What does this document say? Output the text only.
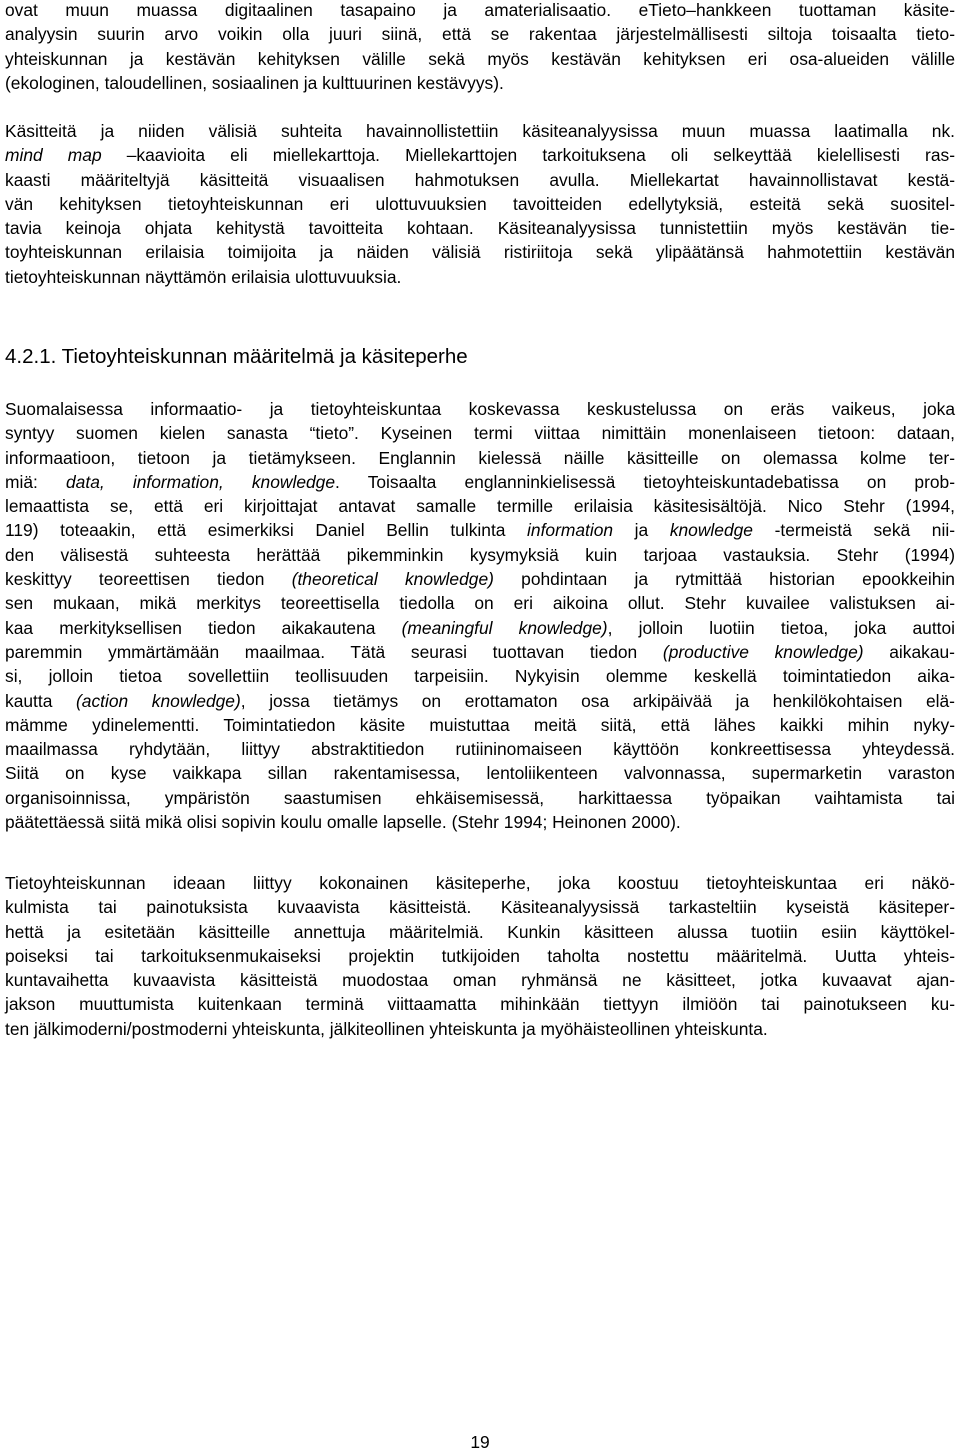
ovat muun muassa digitaalinen tasapaino ja amaterialisaatio. eTieto–hankkeen tuottaman käsite-
analyysin suurin arvo voikin olla juuri siinä, että se rakentaa järjestelmällisesti siltoja toisaalta tieto-
yhteiskunnan ja kestävän kehityksen välille sekä myös kestävän kehityksen eri osa-alueiden välille
(ekologinen, taloudellinen, sosiaalinen ja kulttuurinen kestävyys).
Käsitteitä ja niiden välisiä suhteita havainnollistettiin käsiteanalyysissa muun muassa laatimalla nk.
mind map –kaavioita eli miellekarttoja. Miellekarttojen tarkoituksena oli selkeyttää kielellisesti ras-
kaasti määriteltyjä käsitteitä visuaalisen hahmotuksen avulla. Miellekartat havainnollistavat kestä-
vän kehityksen tietoyhteiskunnan eri ulottuvuuksien tavoitteiden edellytyksiä, esteitä sekä suositel-
tavia keinoja ohjata kehitystä tavoitteita kohtaan. Käsiteanalyysissa tunnistettiin myös kestävän tie-
toyhteiskunnan erilaisia toimijoita ja näiden välisiä ristiriitoja sekä ylipäätänsä hahmotettiin kestävän
tietoyhteiskunnan näyttämön erilaisia ulottuvuuksia.
4.2.1. Tietoyhteiskunnan määritelmä ja käsiteperhe
Suomalaisessa informaatio- ja tietoyhteiskuntaa koskevassa keskustelussa on eräs vaikeus, joka
syntyy suomen kielen sanasta “tieto”. Kyseinen termi viittaa nimittäin monenlaiseen tietoon: dataan,
informaatioon, tietoon ja tietämykseen. Englannin kielessä näille käsitteille on olemassa kolme ter-
miä: data, information, knowledge. Toisaalta englanninkielisessä tietoyhteiskuntadebatissa on prob-
lemaattista se, että eri kirjoittajat antavat samalle termille erilaisia käsitesisältöjä. Nico Stehr (1994,
119) toteaakin, että esimerkiksi Daniel Bellin tulkinta information ja knowledge -termeistä sekä nii-
den välisestä suhteesta herättää pikemminkin kysymyksiä kuin tarjoaa vastauksia. Stehr (1994)
keskittyy teoreettisen tiedon (theoretical knowledge) pohdintaan ja rytmittää historian epookkeihin
sen mukaan, mikä merkitys teoreettisella tiedolla on eri aikoina ollut. Stehr kuvailee valistuksen ai-
kaa merkityksellisen tiedon aikakautena (meaningful knowledge), jolloin luotiin tietoa, joka auttoi
paremmin ymmärtämään maailmaa. Tätä seurasi tuottavan tiedon (productive knowledge) aikakau-
si, jolloin tietoa sovellettiin teollisuuden tarpeisiin. Nykyisin olemme keskellä toimintatiedon aika-
kautta (action knowledge), jossa tietämys on erottamaton osa arkipäivää ja henkilökohtaisen elä-
mämme ydinelementti. Toimintatiedon käsite muistuttaa meitä siitä, että lähes kaikki mihin nyky-
maailmassa ryhdytään, liittyy abstraktitiedon rutiininomaiseen käyttöön konkreettisessa yhteydessä.
Siitä on kyse vaikkapa sillan rakentamisessa, lentoliikenteen valvonnassa, supermarketin varaston
organisoinnissa, ympäristön saastumisen ehkäisemisessä, harkittaessa työpaikan vaihtamista tai
päätettäessä siitä mikä olisi sopivin koulu omalle lapselle. (Stehr 1994; Heinonen 2000).
Tietoyhteiskunnan ideaan liittyy kokonainen käsiteperhe, joka koostuu tietoyhteiskuntaa eri näkö-
kulmista tai painotuksista kuvaavista käsitteistä. Käsiteanalyysissä tarkasteltiin kyseistä käsiteper-
hettä ja esitetään käsitteille annettuja määritelmiä. Kunkin käsitteen alussa tuotiin esiin käyttökel-
poiseksi tai tarkoituksenmukaiseksi projektin tutkijoiden taholta nostettu määritelmä. Uutta yhteis-
kuntavaihetta kuvaavista käsitteistä muodostaa oman ryhmänsä ne käsitteet, jotka kuvaavat ajan-
jakson muuttumista kuitenkaan terminä viittaamatta mihinkään tiettyyn ilmiöön tai painotukseen ku-
ten jälkimoderni/postmoderni yhteiskunta, jälkiteollinen yhteiskunta ja myöhäisteollinen yhteiskunta.
19
